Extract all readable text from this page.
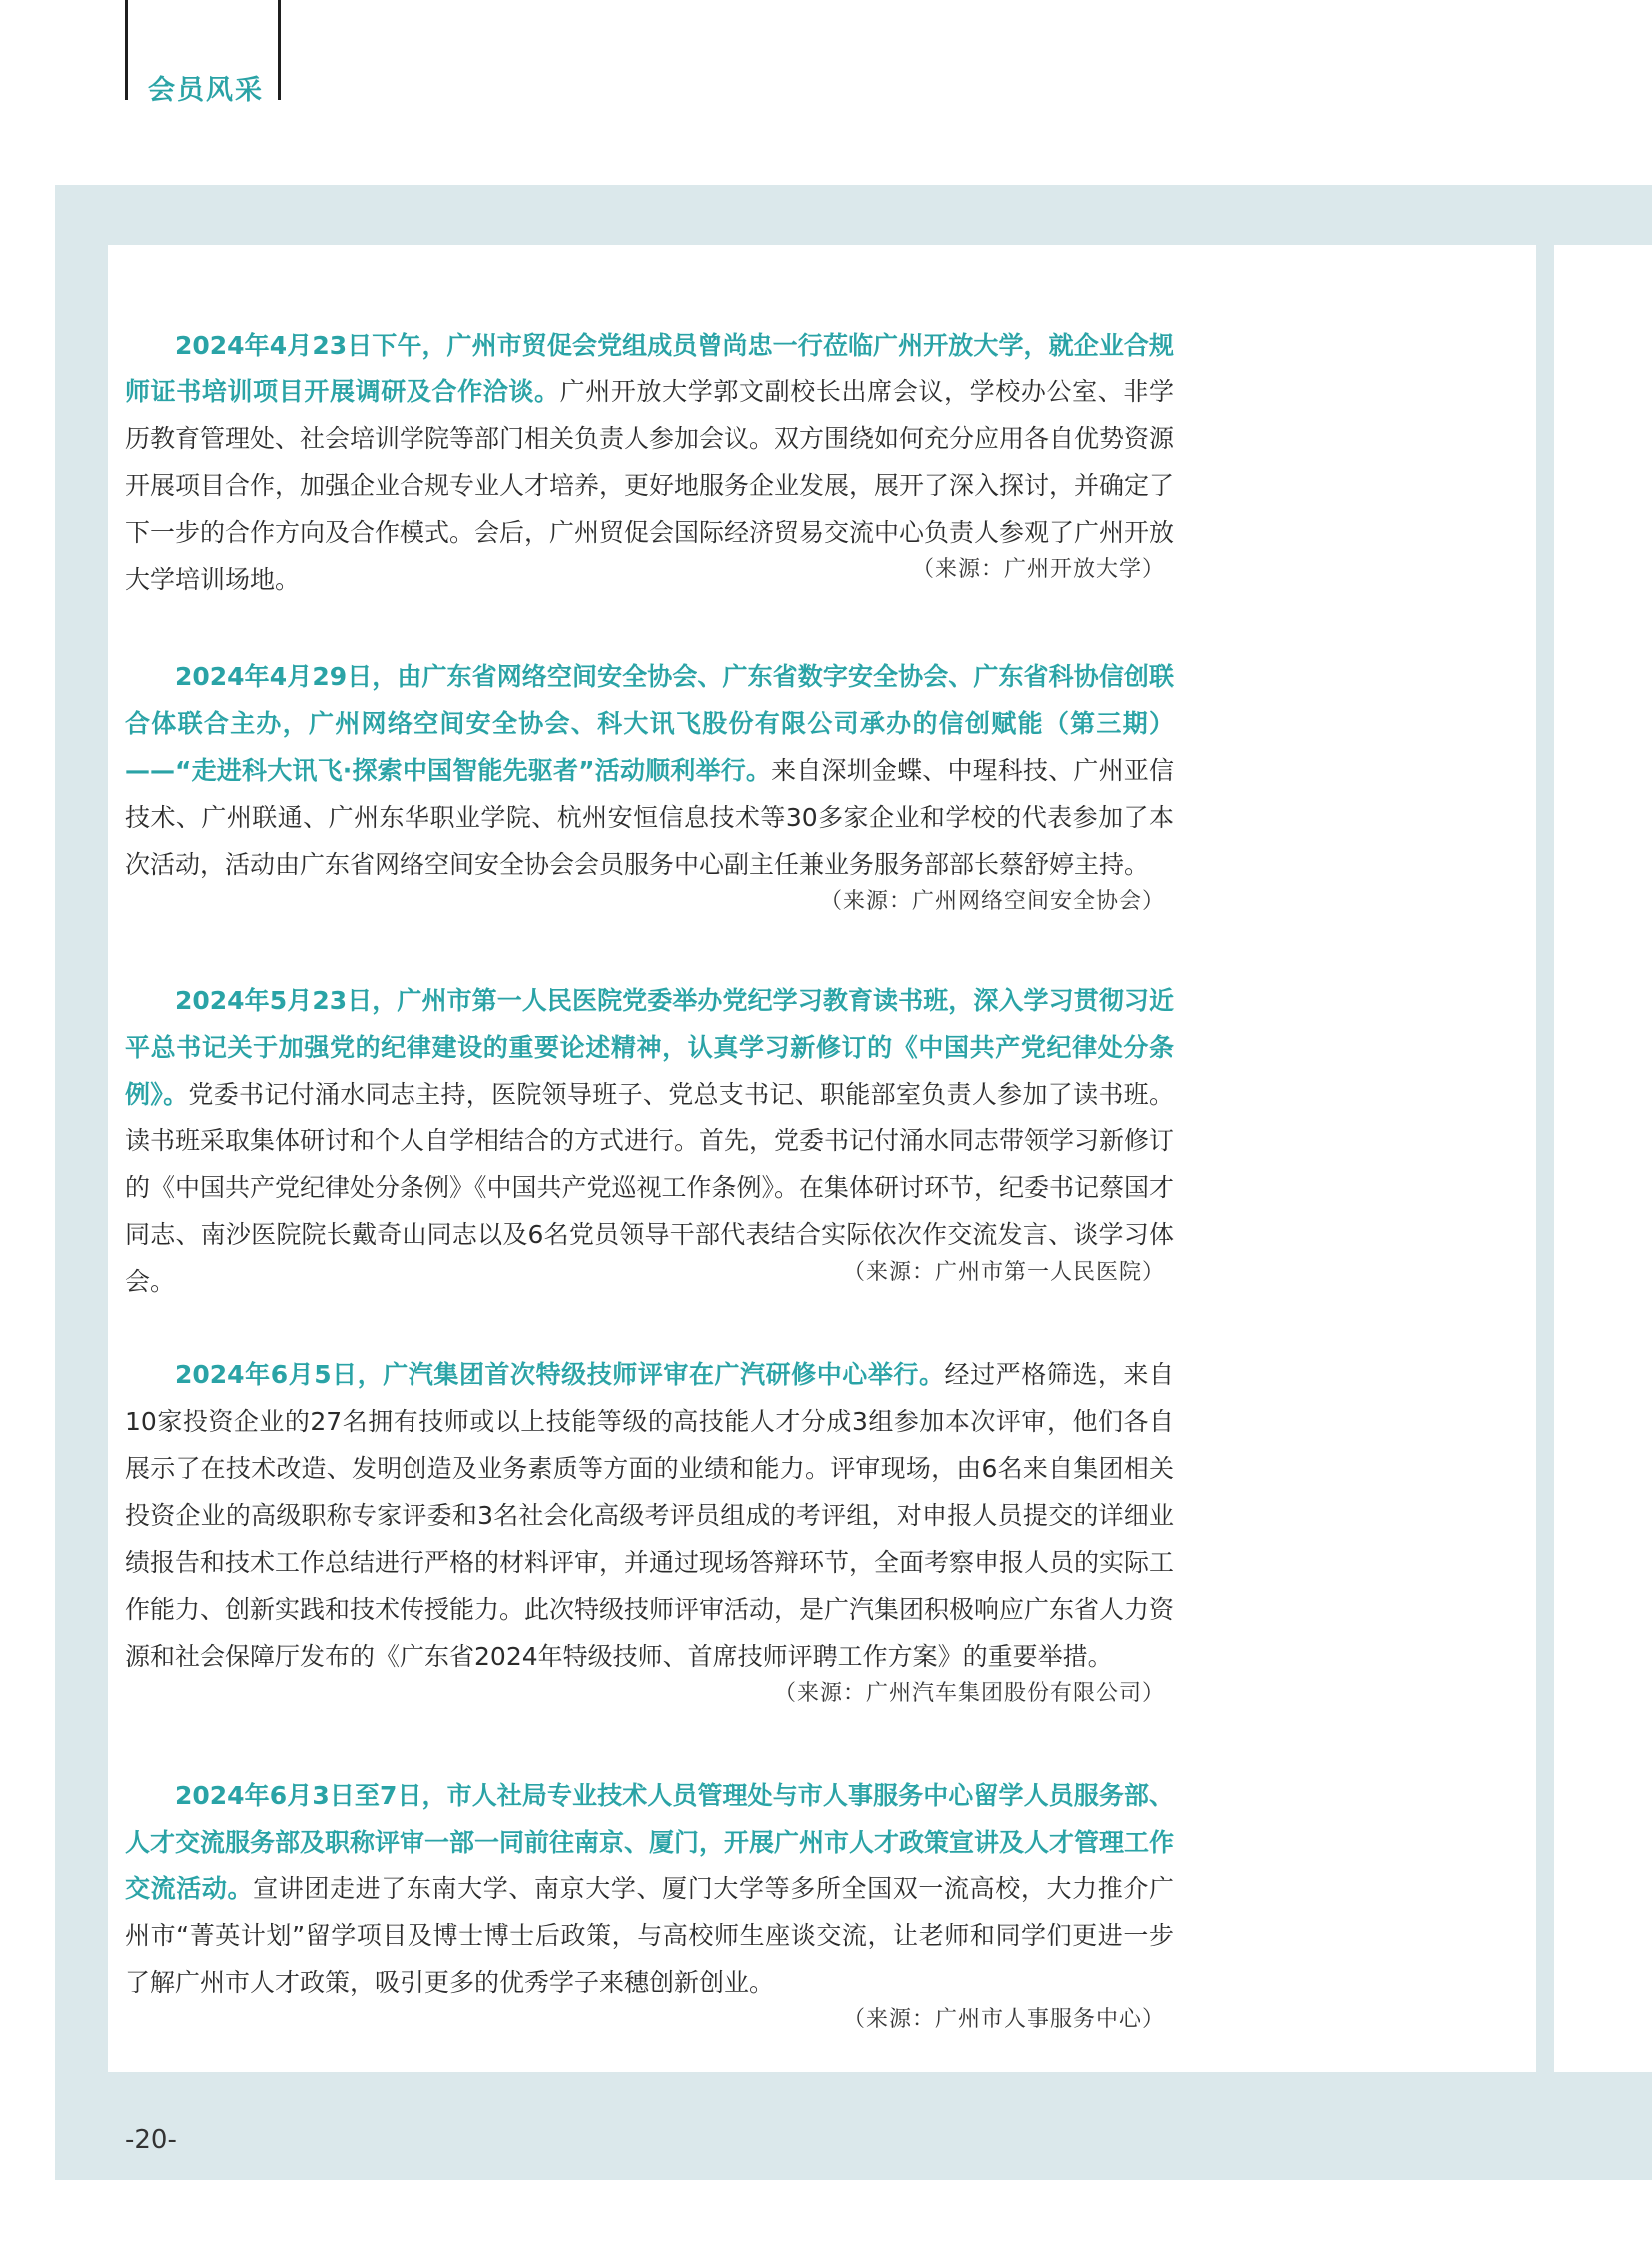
会员风采

2024年4月23日下午，广州市贸促会党组成员曾尚忠一行莅临广州开放大学，就企业合规师证书培训项目开展调研及合作洽谈。广州开放大学郭文副校长出席会议，学校办公室、非学历教育管理处、社会培训学院等部门相关负责人参加会议。双方围绕如何充分应用各自优势资源开展项目合作，加强企业合规专业人才培养，更好地服务企业发展，展开了深入探讨，并确定了下一步的合作方向及合作模式。会后，广州贸促会国际经济贸易交流中心负责人参观了广州开放大学培训场地。	（来源：广州开放大学）

2024年4月29日，由广东省网络空间安全协会、广东省数字安全协会、广东省科协信创联合体联合主办，广州网络空间安全协会、科大讯飞股份有限公司承办的信创赋能（第三期）——“走进科大讯飞·探索中国智能先驱者”活动顺利举行。来自深圳金蝶、中瑆科技、广州亚信技术、广州联通、广州东华职业学院、杭州安恒信息技术等30多家企业和学校的代表参加了本次活动，活动由广东省网络空间安全协会会员服务中心副主任兼业务服务部部长蔡舒婷主持。

（来源：广州网络空间安全协会）

2024年5月23日，广州市第一人民医院党委举办党纪学习教育读书班，深入学习贯彻习近平总书记关于加强党的纪律建设的重要论述精神，认真学习新修订的《中国共产党纪律处分条例》。党委书记付涌水同志主持，医院领导班子、党总支书记、职能部室负责人参加了读书班。读书班采取集体研讨和个人自学相结合的方式进行。首先，党委书记付涌水同志带领学习新修订的《中国共产党纪律处分条例》《中国共产党巡视工作条例》。在集体研讨环节，纪委书记蔡国才同志、南沙医院院长戴奇山同志以及6名党员领导干部代表结合实际依次作交流发言、谈学习体会。	（来源：广州市第一人民医院）

2024年6月5日，广汽集团首次特级技师评审在广汽研修中心举行。经过严格筛选，来自10家投资企业的27名拥有技师或以上技能等级的高技能人才分成3组参加本次评审，他们各自展示了在技术改造、发明创造及业务素质等方面的业绩和能力。评审现场，由6名来自集团相关投资企业的高级职称专家评委和3名社会化高级考评员组成的考评组，对申报人员提交的详细业绩报告和技术工作总结进行严格的材料评审，并通过现场答辩环节，全面考察申报人员的实际工作能力、创新实践和技术传授能力。此次特级技师评审活动，是广汽集团积极响应广东省人力资源和社会保障厅发布的《广东省2024年特级技师、首席技师评聘工作方案》的重要举措。

（来源：广州汽车集团股份有限公司）

2024年6月3日至7日，市人社局专业技术人员管理处与市人事服务中心留学人员服务部、人才交流服务部及职称评审一部一同前往南京、厦门，开展广州市人才政策宣讲及人才管理工作交流活动。宣讲团走进了东南大学、南京大学、厦门大学等多所全国双一流高校，大力推介广州市“菁英计划”留学项目及博士博士后政策，与高校师生座谈交流，让老师和同学们更进一步了解广州市人才政策，吸引更多的优秀学子来穗创新创业。

（来源：广州市人事服务中心）
-20-
